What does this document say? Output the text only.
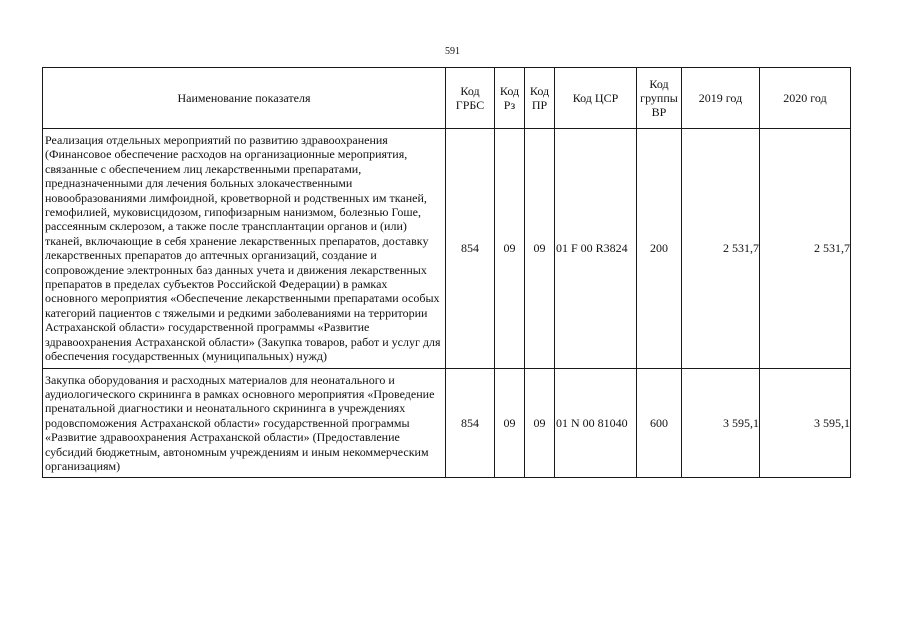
591
Наименование показателя	Код ГРБС	Код Рз	Код ПР	Код ЦСР	Код группы ВР	2019 год	2020 год
Реализация отдельных мероприятий по развитию здравоохранения (Финансовое обеспечение расходов на организационные мероприятия, связанные с обеспечением лиц лекарственными препаратами, предназначенными для лечения больных злокачественными новообразованиями лимфоидной, кроветворной и родственных им тканей, гемофилией, муковисцидозом, гипофизарным нанизмом, болезнью Гоше, рассеянным склерозом, а также после трансплантации органов и (или) тканей, включающие в себя хранение лекарственных препаратов, доставку лекарственных препаратов до аптечных организаций, создание и сопровождение электронных баз данных учета и движения лекарственных препаратов в пределах субъектов Российской Федерации) в рамках основного мероприятия «Обеспечение лекарственными препаратами особых категорий пациентов с тяжелыми и редкими заболеваниями на территории Астраханской области» государственной программы «Развитие здравоохранения Астраханской области» (Закупка товаров, работ и услуг для обеспечения государственных (муниципальных) нужд)	854	09	09	01 F 00 R3824	200	2 531,7	2 531,7
Закупка оборудования и расходных материалов для неонатального и аудиологического скрининга в рамках основного мероприятия «Проведение пренатальной диагностики и неонатального скрининга в учреждениях родовспоможения Астраханской области» государственной программы «Развитие здравоохранения Астраханской области» (Предоставление субсидий бюджетным, автономным учреждениям и иным некоммерческим организациям)	854	09	09	01 N 00 81040	600	3 595,1	3 595,1
